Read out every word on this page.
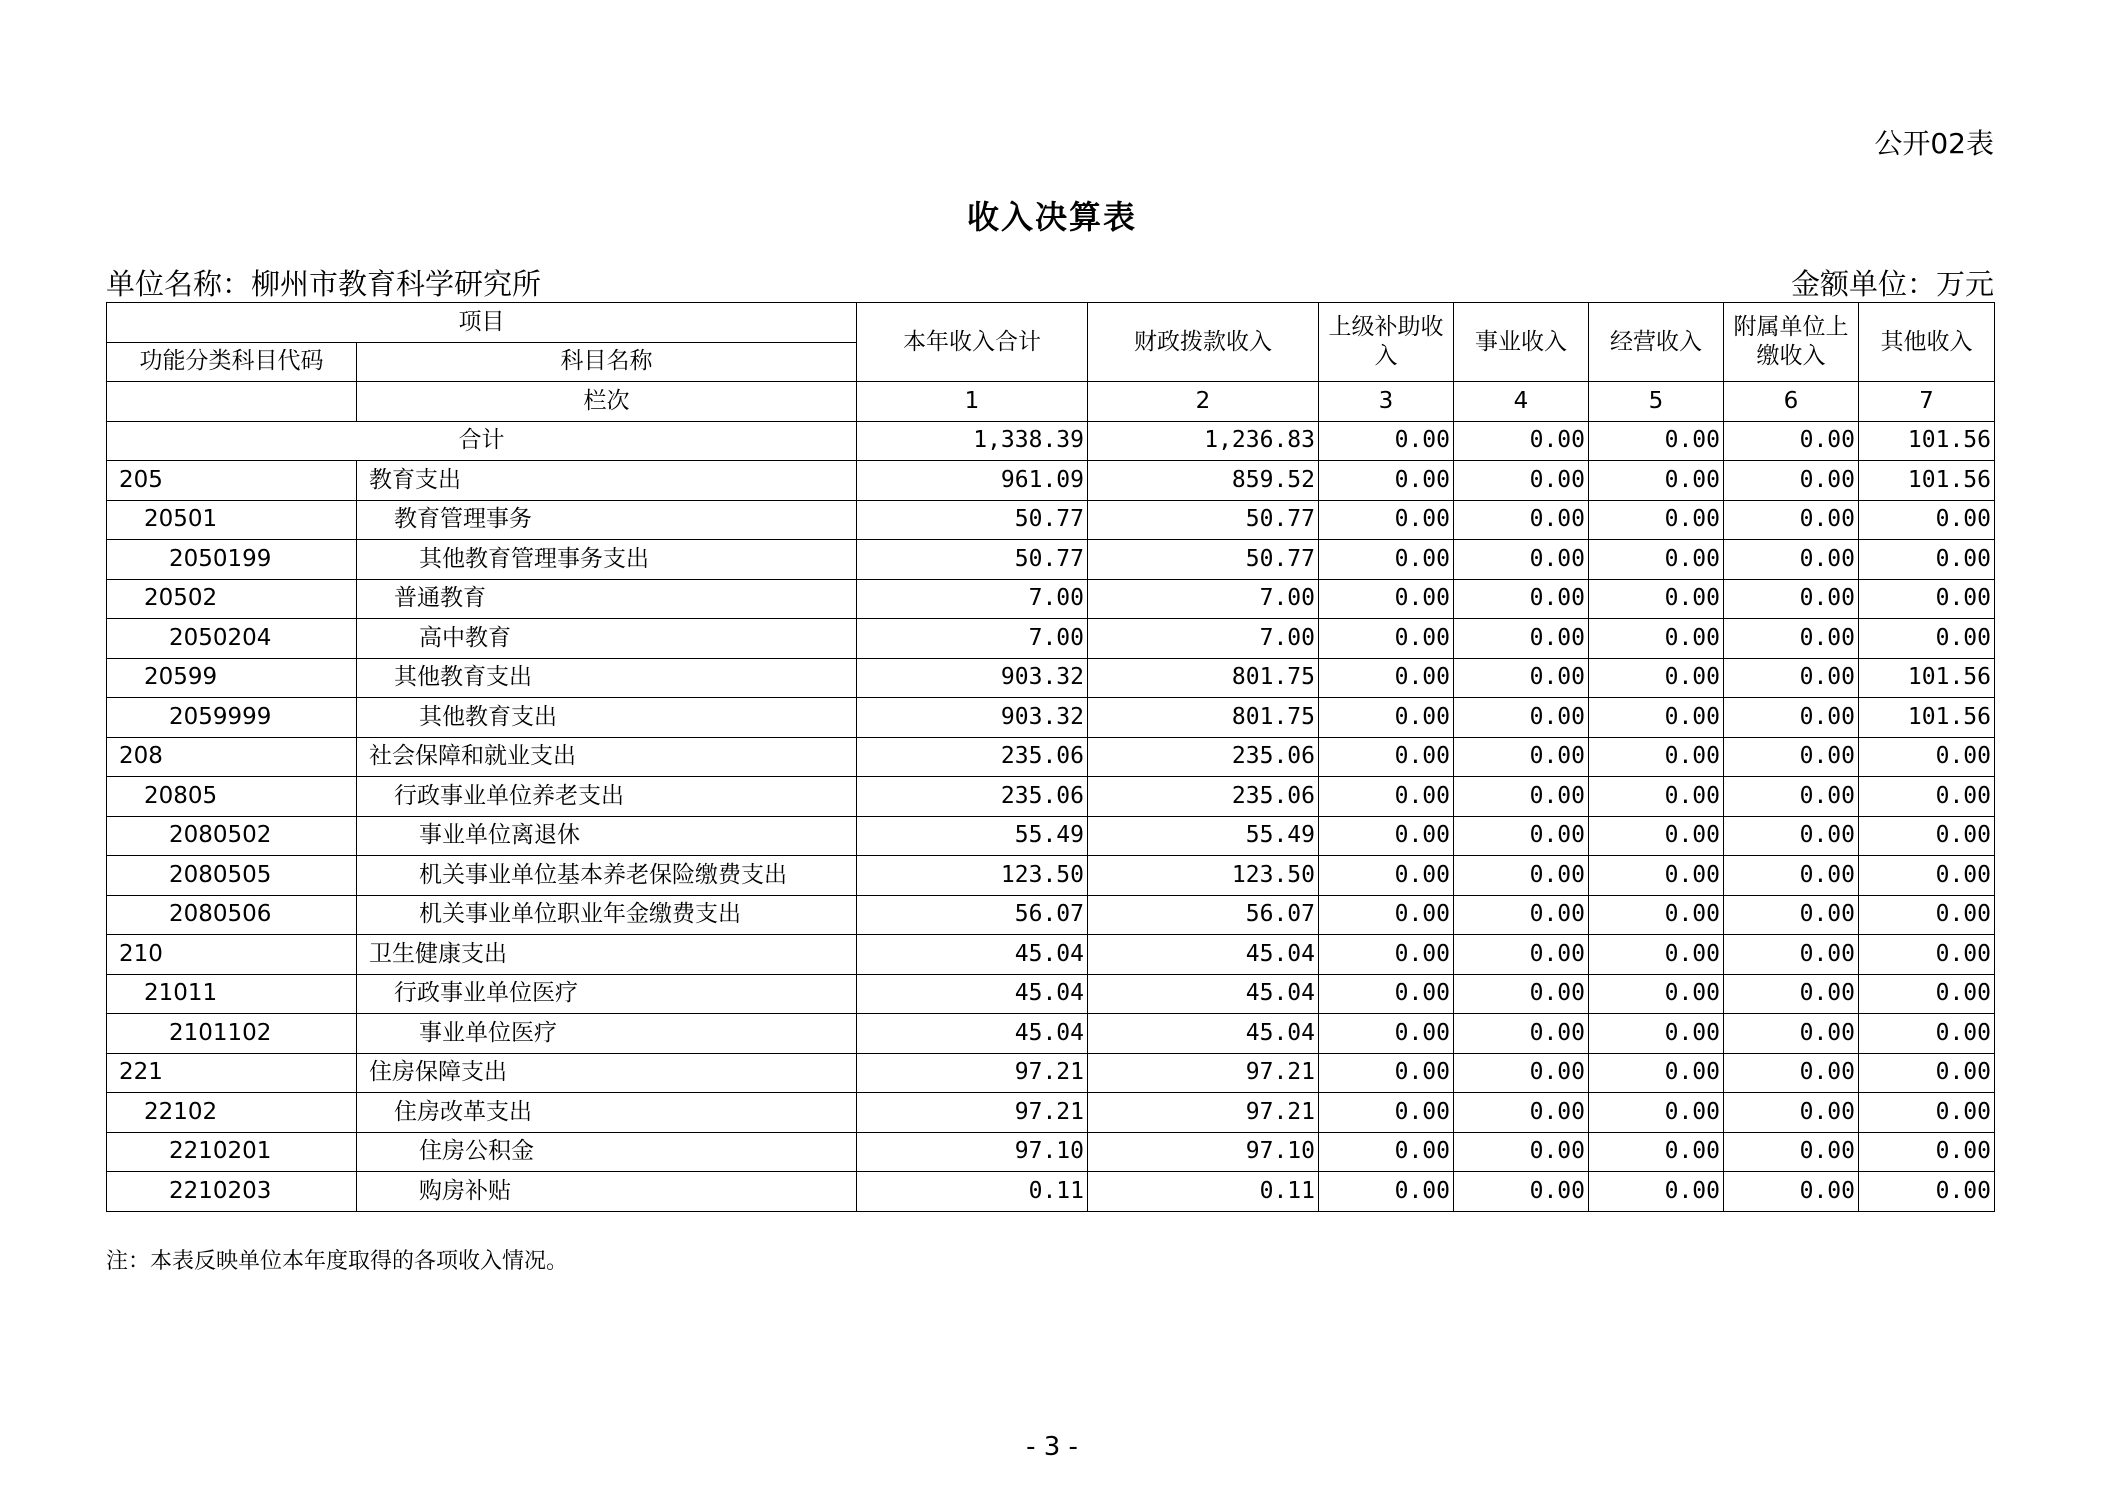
公开02表
收入决算表
单位名称：柳州市教育科学研究所	金额单位：万元
项目		本年收入合计	财政拨款收入	上级补助收入	事业收入	经营收入	附属单位上缴收入	其他收入
功能分类科目代码	科目名称							
	栏次	1	2	3	4	5	6	7
合计		1,338.39	1,236.83	0.00	0.00	0.00	0.00	101.56
205	教育支出	961.09	859.52	0.00	0.00	0.00	0.00	101.56
20501	教育管理事务	50.77	50.77	0.00	0.00	0.00	0.00	0.00
2050199	其他教育管理事务支出	50.77	50.77	0.00	0.00	0.00	0.00	0.00
20502	普通教育	7.00	7.00	0.00	0.00	0.00	0.00	0.00
2050204	高中教育	7.00	7.00	0.00	0.00	0.00	0.00	0.00
20599	其他教育支出	903.32	801.75	0.00	0.00	0.00	0.00	101.56
2059999	其他教育支出	903.32	801.75	0.00	0.00	0.00	0.00	101.56
208	社会保障和就业支出	235.06	235.06	0.00	0.00	0.00	0.00	0.00
20805	行政事业单位养老支出	235.06	235.06	0.00	0.00	0.00	0.00	0.00
2080502	事业单位离退休	55.49	55.49	0.00	0.00	0.00	0.00	0.00
2080505	机关事业单位基本养老保险缴费支出	123.50	123.50	0.00	0.00	0.00	0.00	0.00
2080506	机关事业单位职业年金缴费支出	56.07	56.07	0.00	0.00	0.00	0.00	0.00
210	卫生健康支出	45.04	45.04	0.00	0.00	0.00	0.00	0.00
21011	行政事业单位医疗	45.04	45.04	0.00	0.00	0.00	0.00	0.00
2101102	事业单位医疗	45.04	45.04	0.00	0.00	0.00	0.00	0.00
221	住房保障支出	97.21	97.21	0.00	0.00	0.00	0.00	0.00
22102	住房改革支出	97.21	97.21	0.00	0.00	0.00	0.00	0.00
2210201	住房公积金	97.10	97.10	0.00	0.00	0.00	0.00	0.00
2210203	购房补贴	0.11	0.11	0.00	0.00	0.00	0.00	0.00
注：本表反映单位本年度取得的各项收入情况。
- 3 -
